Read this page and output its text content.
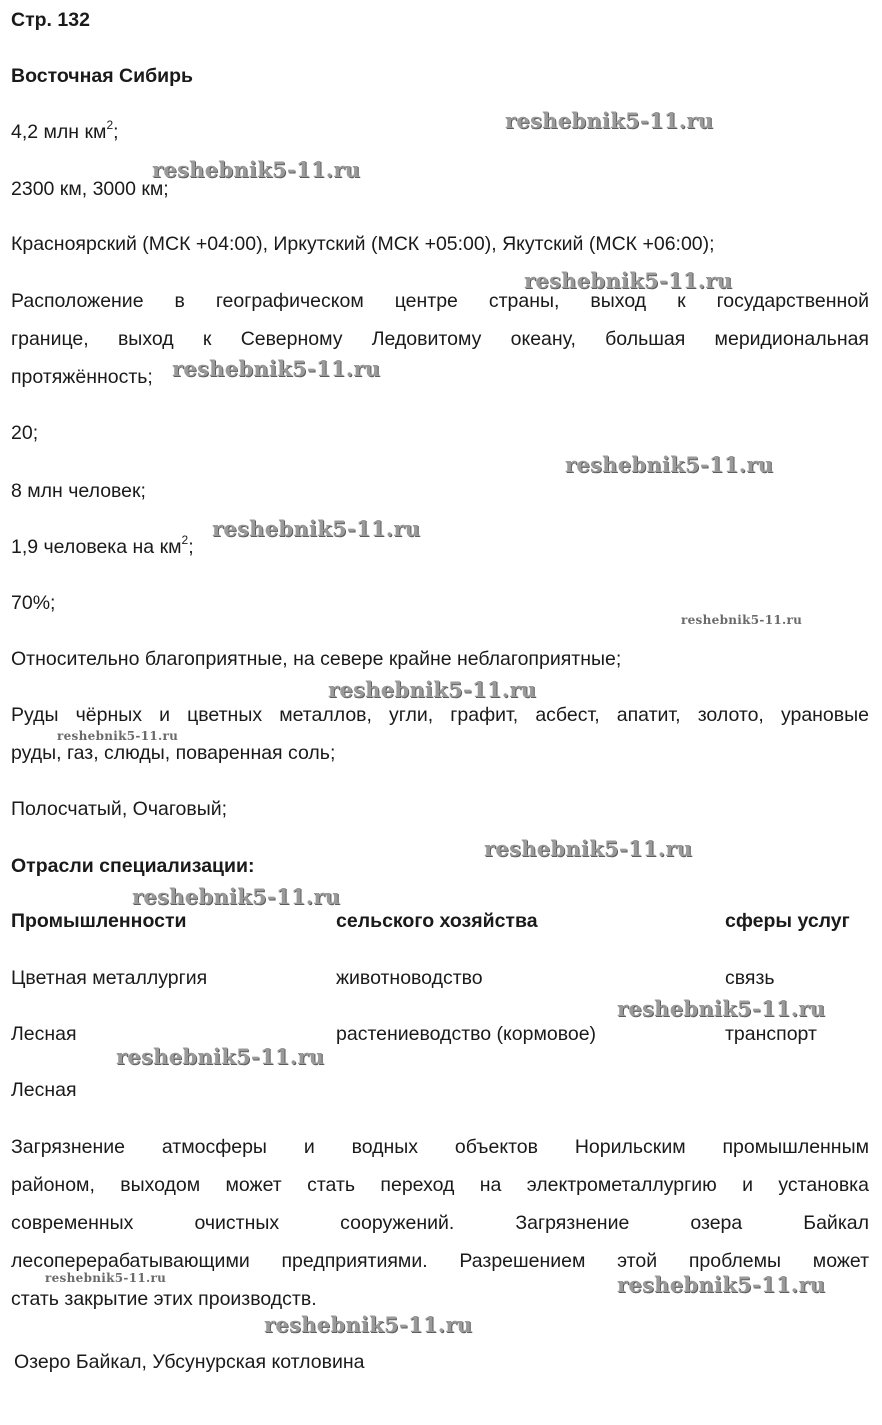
Стр. 132
Восточная Сибирь
4,2 млн $км^2$;
2300 км, 3000 км;
Красноярский (МСК +04:00), Иркутский (МСК +05:00), Якутский (МСК +06:00);
Расположение в географическом центре страны, выход к государственной
границе, выход к Северному Ледовитому океану, большая меридиональная
протяжённость;
20;
8 млн человек;
1,9 человека на $км^2$;
70%;
Относительно благоприятные, на севере крайне неблагоприятные;
Руды чёрных и цветных металлов, угли, графит, асбест, апатит, золото, урановые
руды, газ, слюды, поваренная соль;
Полосчатый, Очаговый;
Отрасли специализации:
Промышленности	сельского хозяйства	сферы услуг
Цветная металлургия	животноводство	связь
Лесная	растениеводство (кормовое)	транспорт
Лесная
Загрязнение атмосферы и водных объектов Норильским промышленным
районом, выходом может стать переход на электрометаллургию и установка
современных очистных сооружений. Загрязнение озера Байкал
лесоперерабатывающими предприятиями. Разрешением этой проблемы может
стать закрытие этих производств.
Озеро Байкал, Убсунурская котловина
reshebnik5-11.ru
reshebnik5-11.ru
reshebnik5-11.ru
reshebnik5-11.ru
reshebnik5-11.ru
reshebnik5-11.ru
reshebnik5-11.ru
reshebnik5-11.ru
reshebnik5-11.ru
reshebnik5-11.ru
reshebnik5-11.ru
reshebnik5-11.ru
reshebnik5-11.ru
reshebnik5-11.ru	reshebnik5-11.ru
reshebnik5-11.ru
